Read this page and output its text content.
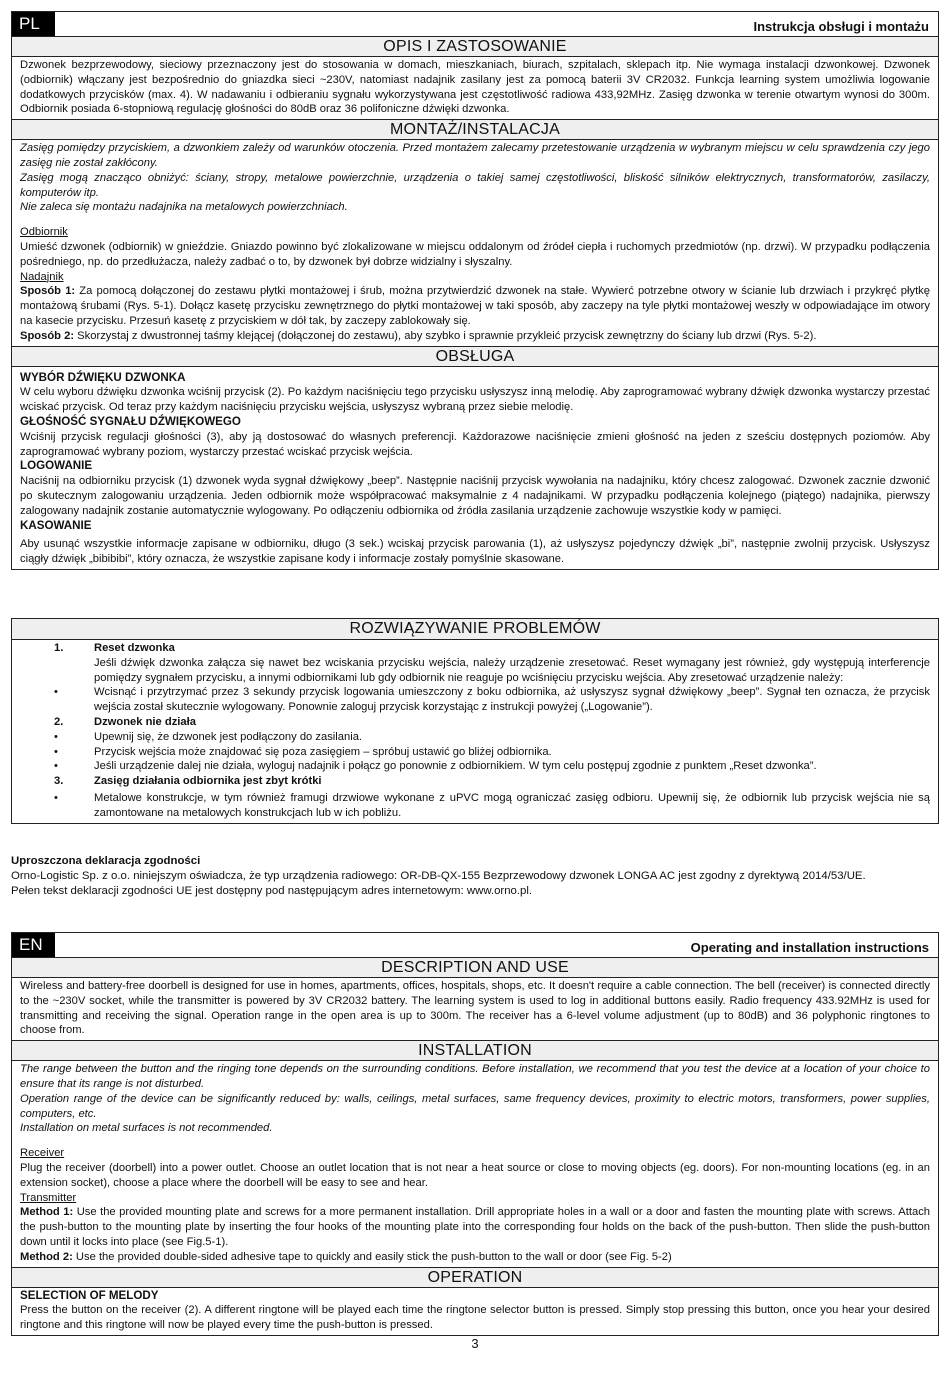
PL	Instrukcja obsługi i montażu
OPIS I ZASTOSOWANIE

Dzwonek bezprzewodowy, sieciowy przeznaczony jest do stosowania w domach, mieszkaniach, biurach, szpitalach, sklepach itp. Nie wymaga instalacji dzwonkowej. Dzwonek (odbiornik) włączany jest bezpośrednio do gniazdka sieci ~230V, natomiast nadajnik zasilany jest za pomocą baterii 3V CR2032. Funkcja learning system umożliwia logowanie dodatkowych przycisków (max. 4). W nadawaniu i odbieraniu sygnału wykorzystywana jest częstotliwość radiowa 433,92MHz. Zasięg dzwonka w terenie otwartym wynosi do 300m. Odbiornik posiada 6-stopniową regulację głośności do 80dB oraz 36 polifoniczne dźwięki dzwonka.

MONTAŻ/INSTALACJA

Zasięg pomiędzy przyciskiem, a dzwonkiem zależy od warunków otoczenia. Przed montażem zalecamy przetestowanie urządzenia w wybranym miejscu w celu sprawdzenia czy jego zasięg nie został zakłócony.

Zasięg mogą znacząco obniżyć: ściany, stropy, metalowe powierzchnie, urządzenia o takiej samej częstotliwości, bliskość silników elektrycznych, transformatorów, zasilaczy, komputerów itp.

Nie zaleca się montażu nadajnika na metalowych powierzchniach.

Odbiornik

Umieść dzwonek (odbiornik) w gnieździe. Gniazdo powinno być zlokalizowane w miejscu oddalonym od źródeł ciepła i ruchomych przedmiotów (np. drzwi). W przypadku podłączenia pośredniego, np. do przedłużacza, należy zadbać o to, by dzwonek był dobrze widzialny i słyszalny.

Nadajnik

Sposób 1: Za pomocą dołączonej do zestawu płytki montażowej i śrub, można przytwierdzić dzwonek na stałe. Wywierć potrzebne otwory w ścianie lub drzwiach i przykręć płytkę montażową śrubami (Rys. 5-1). Dołącz kasetę przycisku zewnętrznego do płytki montażowej w taki sposób, aby zaczepy na tyle płytki montażowej weszły w odpowiadające im otwory na kasecie przycisku. Przesuń kasetę z przyciskiem w dół tak, by zaczepy zablokowały się.

Sposób 2: Skorzystaj z dwustronnej taśmy klejącej (dołączonej do zestawu), aby szybko i sprawnie przykleić przycisk zewnętrzny do ściany lub drzwi (Rys. 5-2).

OBSŁUGA

WYBÓR DŹWIĘKU DZWONKA

W celu wyboru dźwięku dzwonka wciśnij przycisk (2). Po każdym naciśnięciu tego przycisku usłyszysz inną melodię. Aby zaprogramować wybrany dźwięk dzwonka wystarczy przestać wciskać przycisk. Od teraz przy każdym naciśnięciu przycisku wejścia, usłyszysz wybraną przez siebie melodię.

GŁOŚNOŚĆ SYGNAŁU DŹWIĘKOWEGO

Wciśnij przycisk regulacji głośności (3), aby ją dostosować do własnych preferencji. Każdorazowe naciśnięcie zmieni głośność na jeden z sześciu dostępnych poziomów. Aby zaprogramować wybrany poziom, wystarczy przestać wciskać przycisk wejścia.

LOGOWANIE

Naciśnij na odbiorniku przycisk (1) dzwonek wyda sygnał dźwiękowy „beep”. Następnie naciśnij przycisk wywołania na nadajniku, który chcesz zalogować. Dzwonek zacznie dzwonić po skutecznym zalogowaniu urządzenia. Jeden odbiornik może współpracować maksymalnie z 4 nadajnikami. W przypadku podłączenia kolejnego (piątego) nadajnika, pierwszy zalogowany nadajnik zostanie automatycznie wylogowany. Po odłączeniu odbiornika od źródła zasilania urządzenie zachowuje wszystkie kody w pamięci.

KASOWANIE

Aby usunąć wszystkie informacje zapisane w odbiorniku, długo (3 sek.) wciskaj przycisk parowania (1), aż usłyszysz pojedynczy dźwięk „bi”, następnie zwolnij przycisk. Usłyszysz ciągły dźwięk „bibibibi”, który oznacza, że wszystkie zapisane kody i informacje zostały pomyślnie skasowane.

ROZWIĄZYWANIE PROBLEMÓW
1.	Reset dzwonka
Jeśli dźwięk dzwonka załącza się nawet bez wciskania przycisku wejścia, należy urządzenie zresetować. Reset wymagany jest również, gdy występują interferencje pomiędzy sygnałem przycisku, a innymi odbiornikami lub gdy odbiornik nie reaguje po wciśnięciu przycisku wejścia. Aby zresetować urządzenie należy:
•	Wcisnąć i przytrzymać przez 3 sekundy przycisk logowania umieszczony z boku odbiornika, aż usłyszysz sygnał dźwiękowy „beep”. Sygnał ten oznacza, że przycisk wejścia został skutecznie wylogowany. Ponownie zaloguj przycisk korzystając z instrukcji powyżej („Logowanie”).
2.	Dzwonek nie działa
•	Upewnij się, że dzwonek jest podłączony do zasilania.
•	Przycisk wejścia może znajdować się poza zasięgiem – spróbuj ustawić go bliżej odbiornika.
•	Jeśli urządzenie dalej nie działa, wyloguj nadajnik i połącz go ponownie z odbiornikiem. W tym celu postępuj zgodnie z punktem „Reset dzwonka”.
3.	Zasięg działania odbiornika jest zbyt krótki
•	Metalowe konstrukcje, w tym również framugi drzwiowe wykonane z uPVC mogą ograniczać zasięg odbioru. Upewnij się, że odbiornik lub przycisk wejścia nie są zamontowane na metalowych konstrukcjach lub w ich pobliżu.
Uproszczona deklaracja zgodności
Orno-Logistic Sp. z o.o. niniejszym oświadcza, że typ urządzenia radiowego: OR-DB-QX-155 Bezprzewodowy dzwonek LONGA AC jest zgodny z dyrektywą 2014/53/UE.
Pełen tekst deklaracji zgodności UE jest dostępny pod następującym adres internetowym: www.orno.pl.
EN	Operating and installation instructions
DESCRIPTION AND USE

Wireless and battery-free doorbell is designed for use in homes, apartments, offices, hospitals, shops, etc. It doesn't require a cable connection. The bell (receiver) is connected directly to the ~230V socket, while the transmitter is powered by 3V CR2032 battery. The learning system is used to log in additional buttons easily. Radio frequency 433.92MHz is used for transmitting and receiving the signal. Operation range in the open area is up to 300m. The receiver has a 6-level volume adjustment (up to 80dB) and 36 polyphonic ringtones to choose from.

INSTALLATION

The range between the button and the ringing tone depends on the surrounding conditions. Before installation, we recommend that you test the device at a location of your choice to ensure that its range is not disturbed.

Operation range of the device can be significantly reduced by: walls, ceilings, metal surfaces, same frequency devices, proximity to electric motors, transformers, power supplies, computers, etc.

Installation on metal surfaces is not recommended.

Receiver

Plug the receiver (doorbell) into a power outlet. Choose an outlet location that is not near a heat source or close to moving objects (eg. doors). For non-mounting locations (eg. in an extension socket), choose a place where the doorbell will be easy to see and hear.

Transmitter

Method 1: Use the provided mounting plate and screws for a more permanent installation. Drill appropriate holes in a wall or a door and fasten the mounting plate with screws. Attach the push-button to the mounting plate by inserting the four hooks of the mounting plate into the corresponding four holds on the back of the push-button. Then slide the push-button down until it locks into place (see Fig.5-1).

Method 2: Use the provided double-sided adhesive tape to quickly and easily stick the push-button to the wall or door (see Fig. 5-2)

OPERATION

SELECTION OF MELODY

Press the button on the receiver (2). A different ringtone will be played each time the ringtone selector button is pressed. Simply stop pressing this button, once you hear your desired ringtone and this ringtone will now be played every time the push-button is pressed.

3
